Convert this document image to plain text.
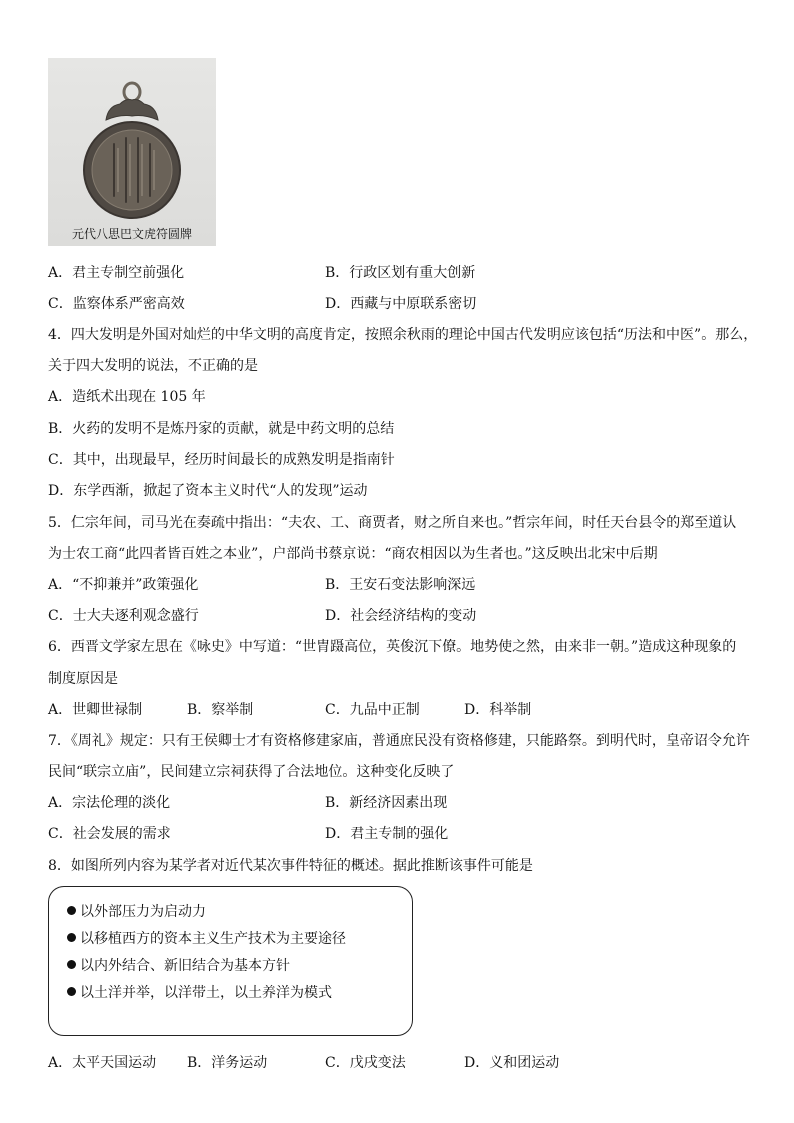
元代八思巴文虎符圆牌
A．君主专制空前强化	B．行政区划有重大创新
C．监察体系严密高效	D．西藏与中原联系密切
4．四大发明是外国对灿烂的中华文明的高度肯定，按照余秋雨的理论中国古代发明应该包括“历法和中医”。那么，
关于四大发明的说法，不正确的是
A．造纸术出现在 105 年
B．火药的发明不是炼丹家的贡献，就是中药文明的总结
C．其中，出现最早，经历时间最长的成熟发明是指南针
D．东学西渐，掀起了资本主义时代“人的发现”运动
5．仁宗年间，司马光在奏疏中指出：“夫农、工、商贾者，财之所自来也。”哲宗年间，时任天台县令的郑至道认
为士农工商“此四者皆百姓之本业”，户部尚书蔡京说：“商农相因以为生者也。”这反映出北宋中后期
A．“不抑兼并”政策强化	B．王安石变法影响深远
C．士大夫逐利观念盛行	D．社会经济结构的变动
6．西晋文学家左思在《咏史》中写道：“世胄蹑高位，英俊沉下僚。地势使之然，由来非一朝。”造成这种现象的
制度原因是
A．世卿世禄制	B．察举制	C．九品中正制	D．科举制
7．《周礼》规定：只有王侯卿士才有资格修建家庙，普通庶民没有资格修建，只能路祭。到明代时，皇帝诏令允许
民间“联宗立庙”，民间建立宗祠获得了合法地位。这种变化反映了
A．宗法伦理的淡化	B．新经济因素出现
C．社会发展的需求	D．君主专制的强化
8．如图所列内容为某学者对近代某次事件特征的概述。据此推断该事件可能是
以外部压力为启动力
以移植西方的资本主义生产技术为主要途径
以内外结合、新旧结合为基本方针
以土洋并举，以洋带土，以土养洋为模式
A．太平天国运动 B．洋务运动	C．戊戌变法	D．义和团运动
